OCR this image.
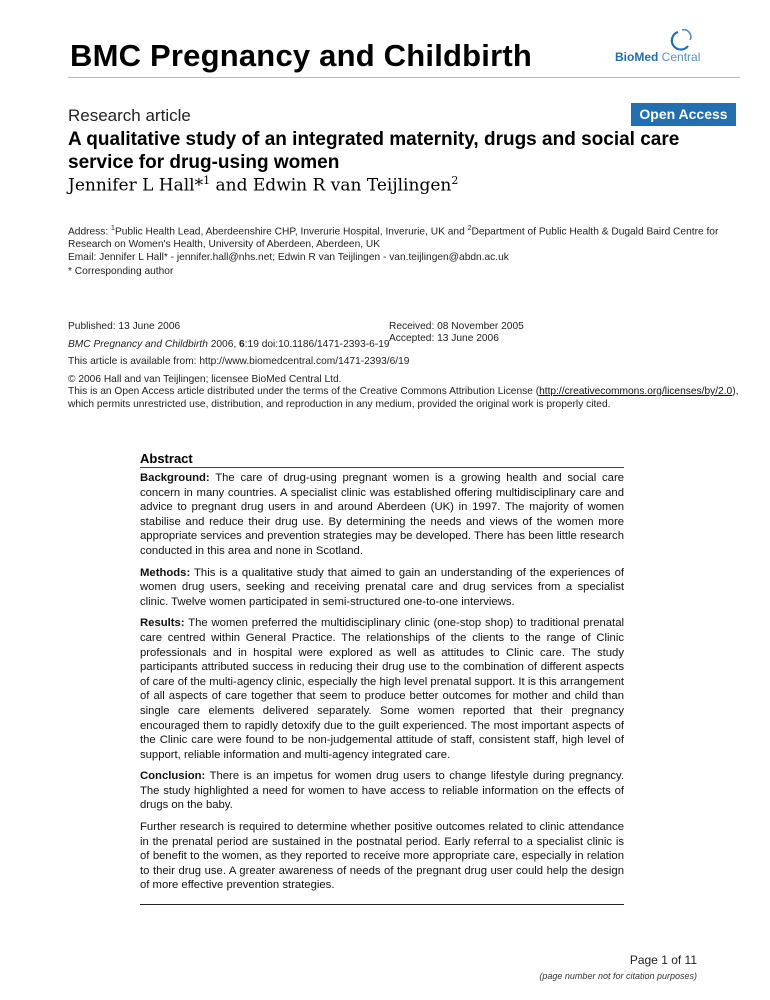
BMC Pregnancy and Childbirth	BioMed Central
Research article	Open Access
A qualitative study of an integrated maternity, drugs and social care service for drug-using women
Jennifer L Hall*$^1$ and Edwin R van Teijlingen$^2$
Address: $^1$Public Health Lead, Aberdeenshire CHP, Inverurie Hospital, Inverurie, UK and $^2$Department of Public Health & Dugald Baird Centre for Research on Women's Health, University of Aberdeen, Aberdeen, UK
Email: Jennifer L Hall* - jennifer.hall@nhs.net; Edwin R van Teijlingen - van.teijlingen@abdn.ac.uk
* Corresponding author
Published: 13 June 2006	Received: 08 November 2005
Accepted: 13 June 2006
BMC Pregnancy and Childbirth 2006, 6:19 doi:10.1186/1471-2393-6-19
This article is available from: http://www.biomedcentral.com/1471-2393/6/19
© 2006 Hall and van Teijlingen; licensee BioMed Central Ltd.
This is an Open Access article distributed under the terms of the Creative Commons Attribution License (http://creativecommons.org/licenses/by/2.0), which permits unrestricted use, distribution, and reproduction in any medium, provided the original work is properly cited.
Abstract

Background: The care of drug-using pregnant women is a growing health and social care concern in many countries. A specialist clinic was established offering multidisciplinary care and advice to pregnant drug users in and around Aberdeen (UK) in 1997. The majority of women stabilise and reduce their drug use. By determining the needs and views of the women more appropriate services and prevention strategies may be developed. There has been little research conducted in this area and none in Scotland.

Methods: This is a qualitative study that aimed to gain an understanding of the experiences of women drug users, seeking and receiving prenatal care and drug services from a specialist clinic. Twelve women participated in semi-structured one-to-one interviews.

Results: The women preferred the multidisciplinary clinic (one-stop shop) to traditional prenatal care centred within General Practice. The relationships of the clients to the range of Clinic professionals and in hospital were explored as well as attitudes to Clinic care. The study participants attributed success in reducing their drug use to the combination of different aspects of care of the multi-agency clinic, especially the high level prenatal support. It is this arrangement of all aspects of care together that seem to produce better outcomes for mother and child than single care elements delivered separately. Some women reported that their pregnancy encouraged them to rapidly detoxify due to the guilt experienced. The most important aspects of the Clinic care were found to be non-judgemental attitude of staff, consistent staff, high level of support, reliable information and multi-agency integrated care.

Conclusion: There is an impetus for women drug users to change lifestyle during pregnancy. The study highlighted a need for women to have access to reliable information on the effects of drugs on the baby.

Further research is required to determine whether positive outcomes related to clinic attendance in the prenatal period are sustained in the postnatal period. Early referral to a specialist clinic is of benefit to the women, as they reported to receive more appropriate care, especially in relation to their drug use. A greater awareness of needs of the pregnant drug user could help the design of more effective prevention strategies.

Page 1 of 11
(page number not for citation purposes)
